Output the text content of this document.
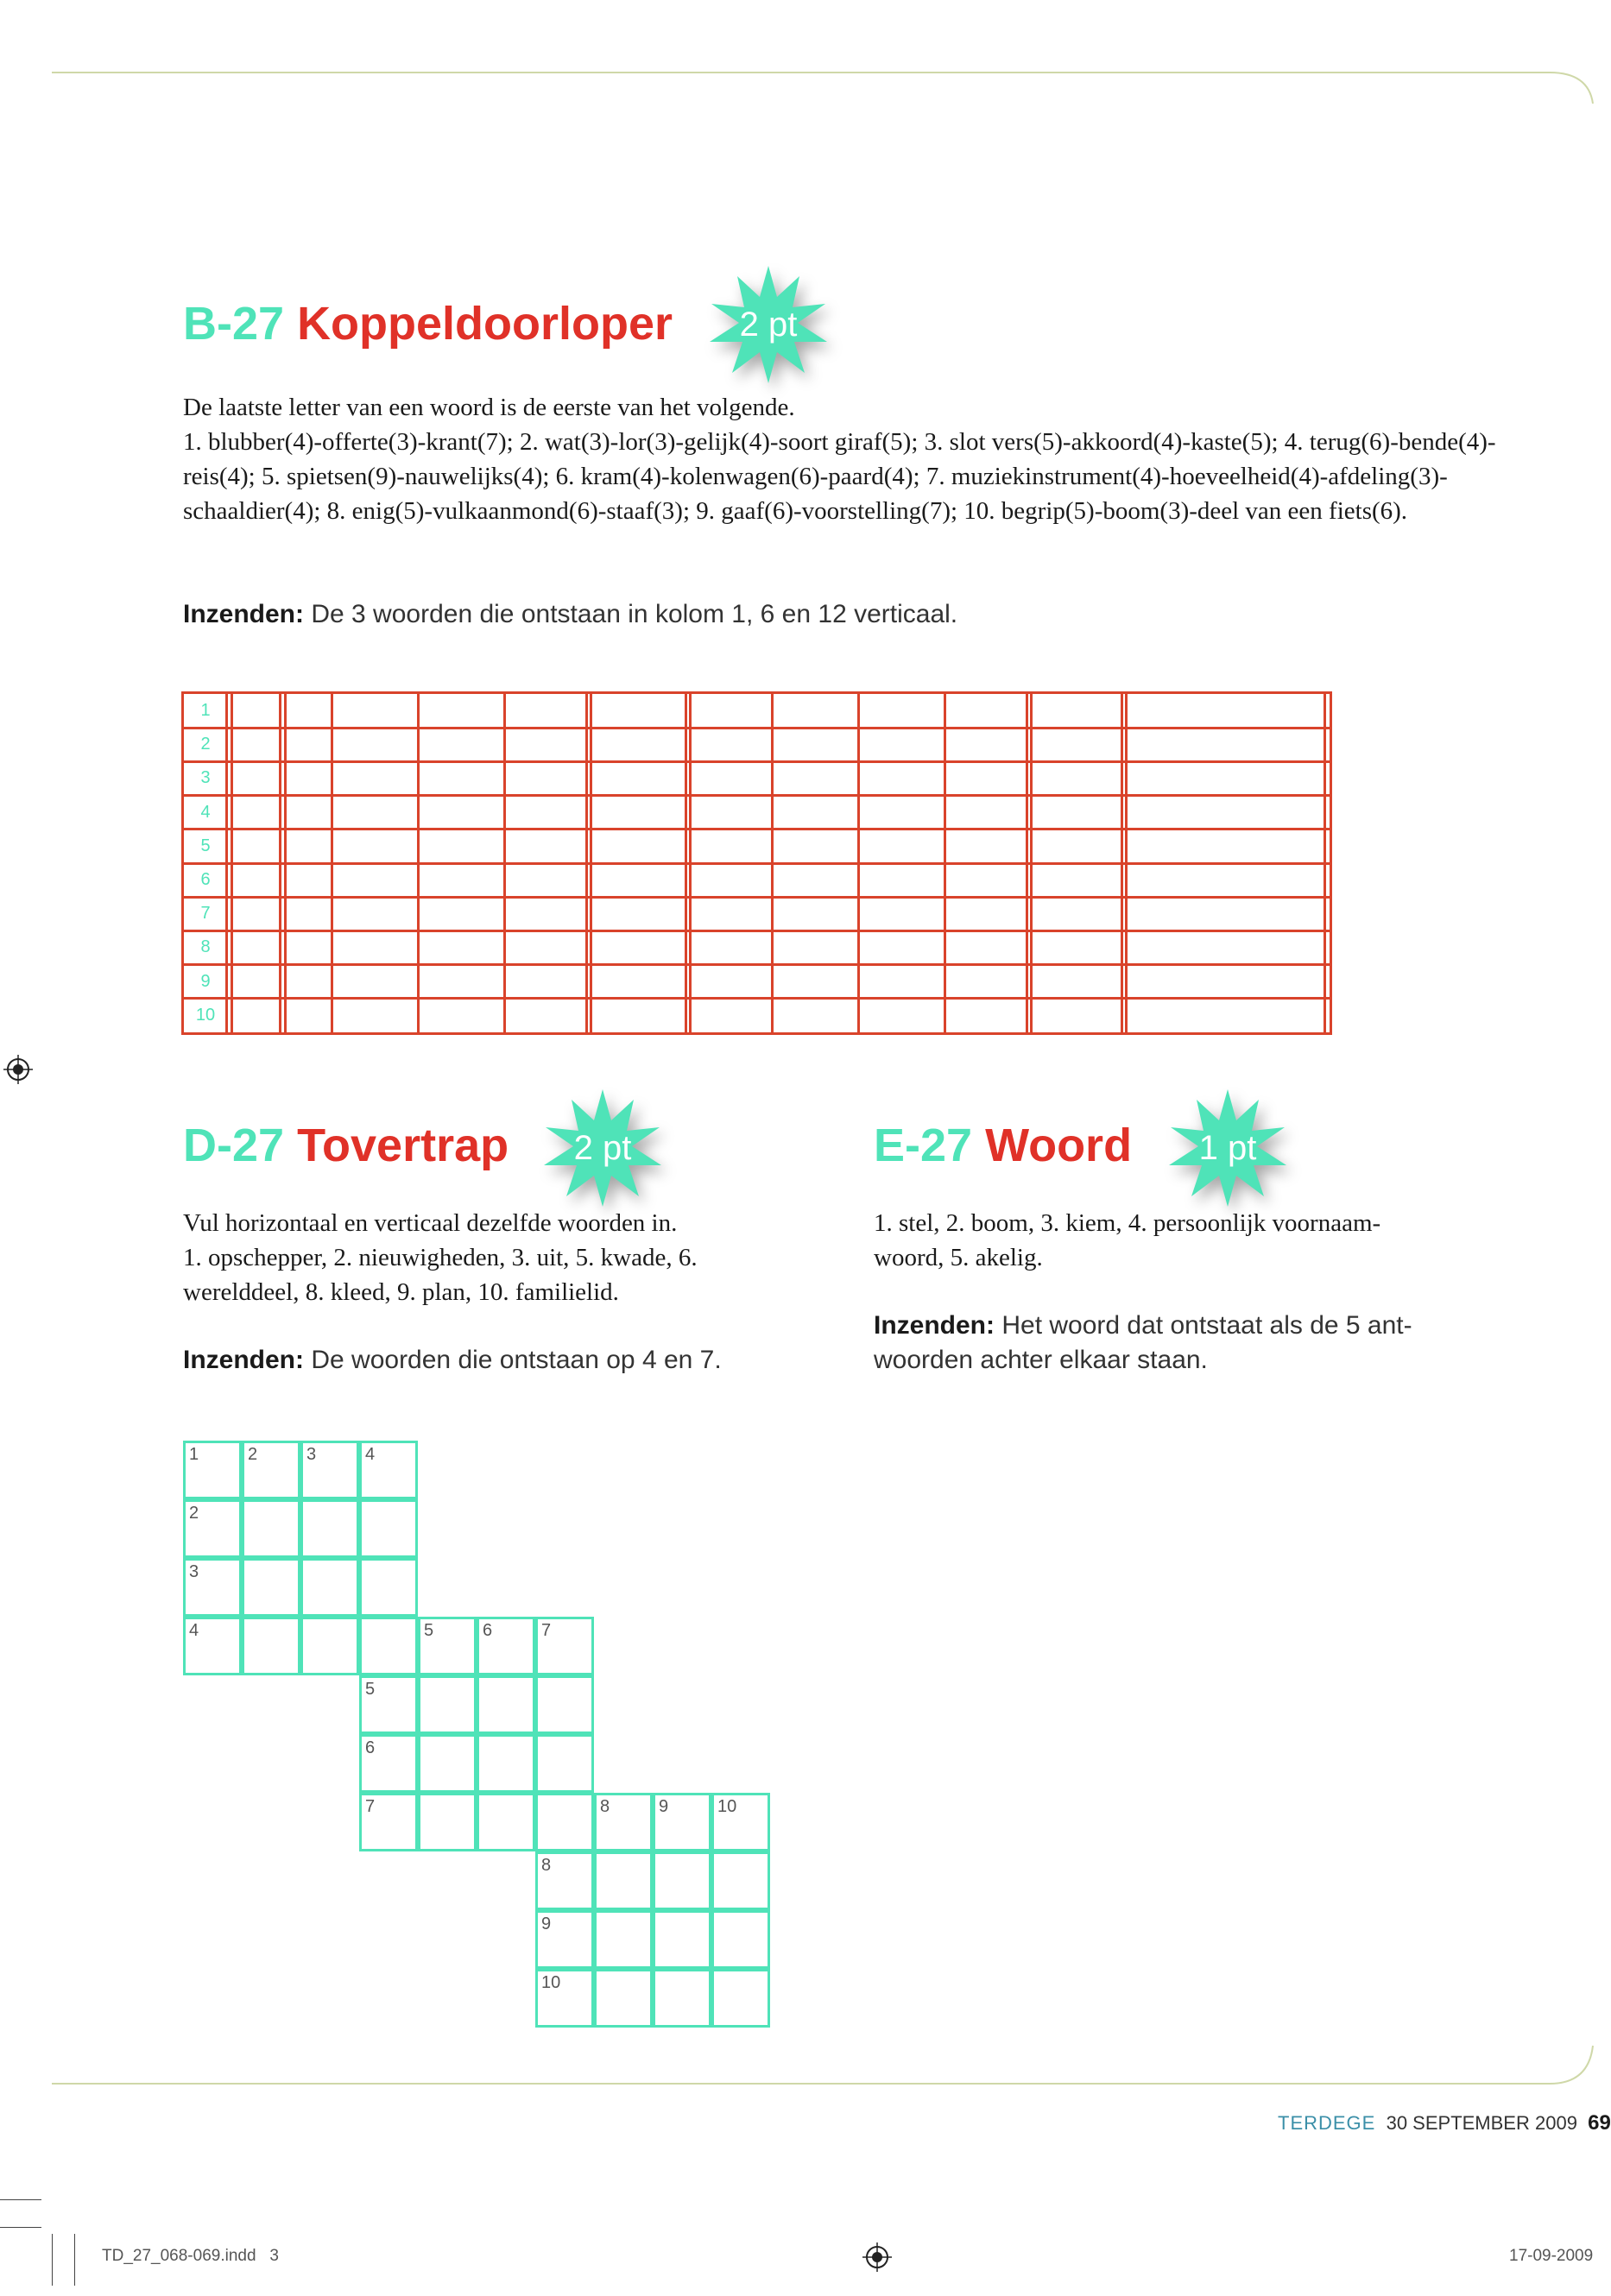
B-27 Koppeldoorloper	2 pt

De laatste letter van een woord is de eerste van het volgende.

1. blubber(4)-offerte(3)-krant(7); 2. wat(3)-lor(3)-gelijk(4)-soort giraf(5); 3. slot vers(5)-akkoord(4)-kaste(5); 4. terug(6)-bende(4)-reis(4); 5. spietsen(9)-nauwelijks(4); 6. kram(4)-kolenwagen(6)-paard(4); 7. muziekinstrument(4)-hoeveelheid(4)-afdeling(3)-schaaldier(4); 8. enig(5)-vulkaanmond(6)-staaf(3); 9. gaaf(6)-voorstelling(7); 10. begrip(5)-boom(3)-deel van een fiets(6).

Inzenden: De 3 woorden die ontstaan in kolom 1, 6 en 12 verticaal.
1
2
3
4
5
6
7
8
9
10
D-27 Tovertrap	2 pt

Vul horizontaal en verticaal dezelfde woorden in.

1. opschepper, 2. nieuwigheden, 3. uit, 5. kwade, 6. werelddeel, 8. kleed, 9. plan, 10. familielid.

Inzenden: De woorden die ontstaan op 4 en 7.
1	2	3	4
2
3
4	5	6	7
5
6
7	8	9	10
8
9
10
E-27 Woord	1 pt

1. stel, 2. boom, 3. kiem, 4. persoonlijk voornaam-woord, 5. akelig.

Inzenden: Het woord dat ontstaat als de 5 ant-woorden achter elkaar staan.
TERDEGE 30 SEPTEMBER 2009 69
TD_27_068-069.indd   3	17-09-2009
